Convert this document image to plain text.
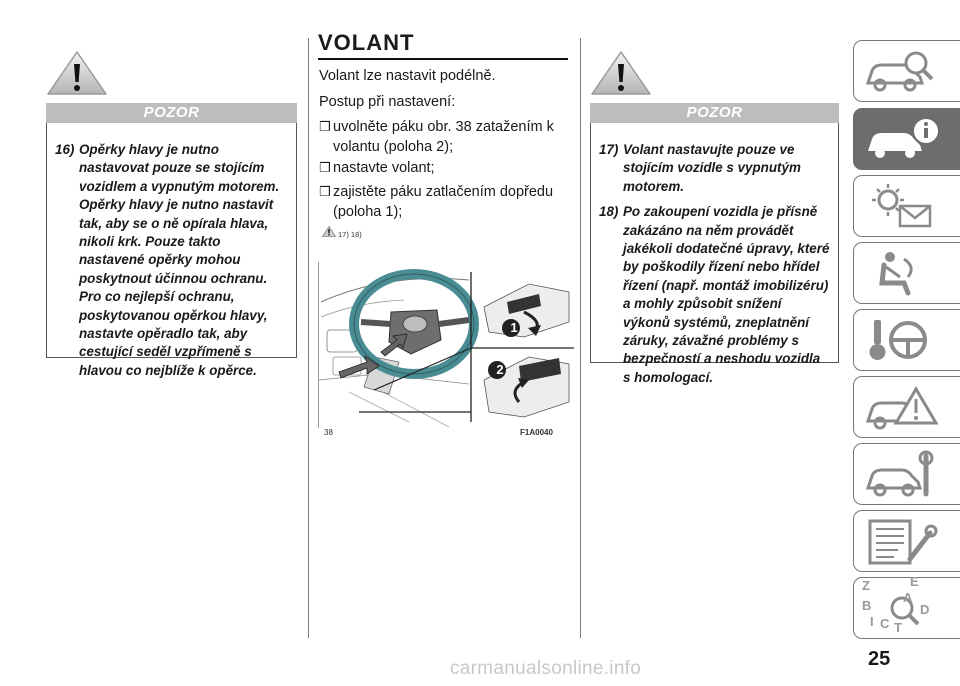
POZOR
16) Opěrky hlavy je nutno nastavovat pouze se stojícím vozidlem a vypnutým motorem. Opěrky hlavy je nutno nastavit tak, aby se o ně opírala hlava, nikoli krk. Pouze takto nastavené opěrky mohou poskytnout účinnou ochranu. Pro co nejlepší ochranu, poskytovanou opěrkou hlavy, nastavte opěradlo tak, aby cestující seděl vzpřímeně s hlavou co nejblíže k opěrce.
VOLANT
Volant lze nastavit podélně.
Postup při nastavení:
❒ uvolněte páku obr. 38 zatažením k volantu (poloha 2);
❒ nastavte volant;
❒ zajistěte páku zatlačením dopředu (poloha 1);
17) 18)
1
2
38	F1A0040
POZOR
17) Volant nastavujte pouze ve stojícím vozidle s vypnutým motorem.
18) Po zakoupení vozidla je přísně zakázáno na něm provádět jakékoli dodatečné úpravy, které by poškodily řízení nebo hřídel řízení (např. montáž imobilizéru) a mohly způsobit snížení výkonů systémů, zneplatnění záruky, závažné problémy s bezpečností a neshodu vozidla s homologací.
Z	E
A
B	D
I C T
25
carmanualsonline.info
